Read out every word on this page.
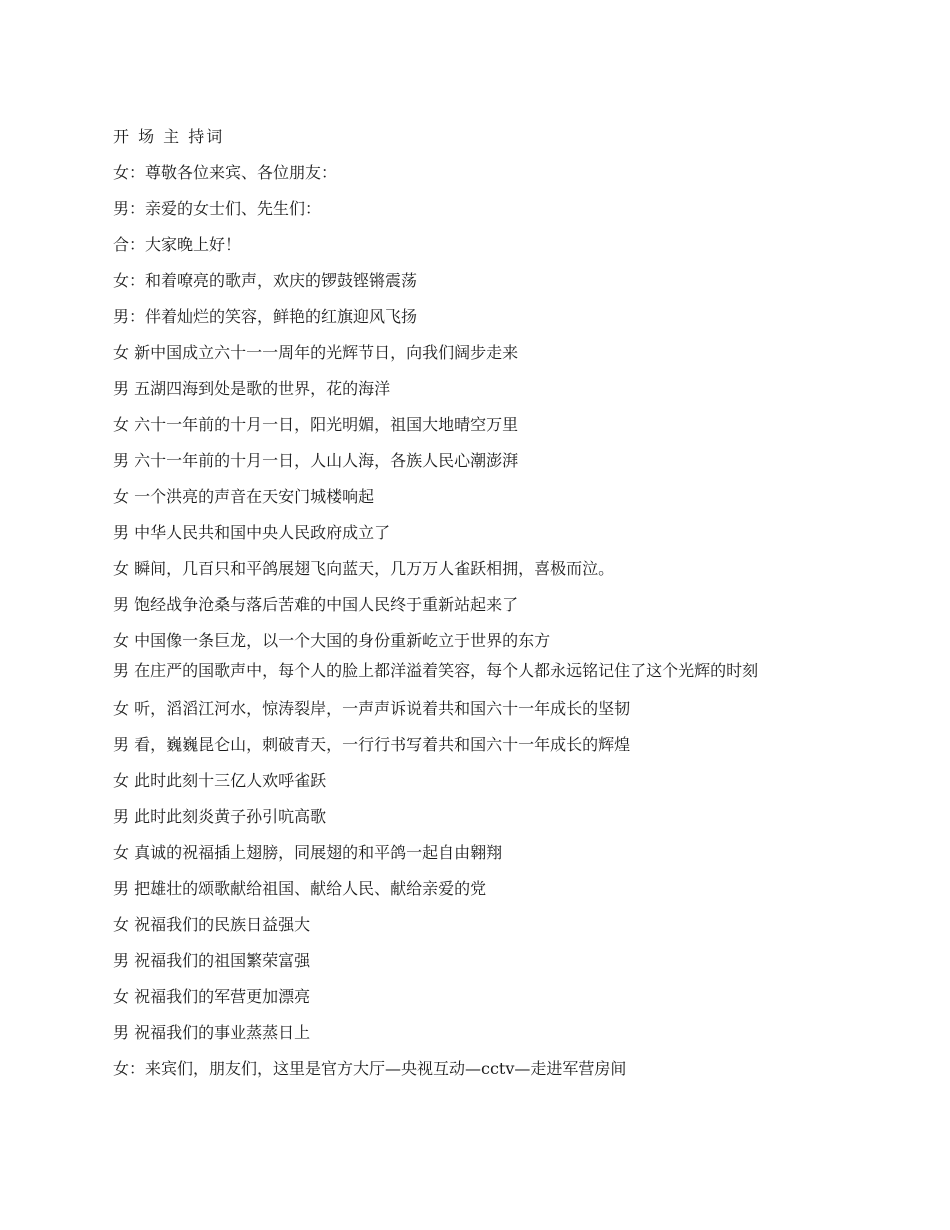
开 场 主 持词
女：尊敬各位来宾、各位朋友：
男：亲爱的女士们、先生们：
合：大家晚上好！
女：和着嘹亮的歌声，欢庆的锣鼓铿锵震荡
男：伴着灿烂的笑容，鲜艳的红旗迎风飞扬
女 新中国成立六十一一周年的光辉节日，向我们阔步走来
男 五湖四海到处是歌的世界，花的海洋
女 六十一年前的十月一日，阳光明媚，祖国大地晴空万里
男 六十一年前的十月一日，人山人海，各族人民心潮澎湃
女 一个洪亮的声音在天安门城楼响起
男 中华人民共和国中央人民政府成立了
女 瞬间，几百只和平鸽展翅飞向蓝天，几万万人雀跃相拥，喜极而泣。
男 饱经战争沧桑与落后苦难的中国人民终于重新站起来了
女 中国像一条巨龙，以一个大国的身份重新屹立于世界的东方
男 在庄严的国歌声中，每个人的脸上都洋溢着笑容，每个人都永远铭记住了这个光辉的时刻
女 听，滔滔江河水，惊涛裂岸，一声声诉说着共和国六十一年成长的坚韧
男 看，巍巍昆仑山，刺破青天，一行行书写着共和国六十一年成长的辉煌
女 此时此刻十三亿人欢呼雀跃
男 此时此刻炎黄子孙引吭高歌
女 真诚的祝福插上翅膀，同展翅的和平鸽一起自由翱翔
男 把雄壮的颂歌献给祖国、献给人民、献给亲爱的党
女 祝福我们的民族日益强大
男 祝福我们的祖国繁荣富强
女 祝福我们的军营更加漂亮
男 祝福我们的事业蒸蒸日上
女：来宾们，朋友们，这里是官方大厅—央视互动—cctv—走进军营房间
